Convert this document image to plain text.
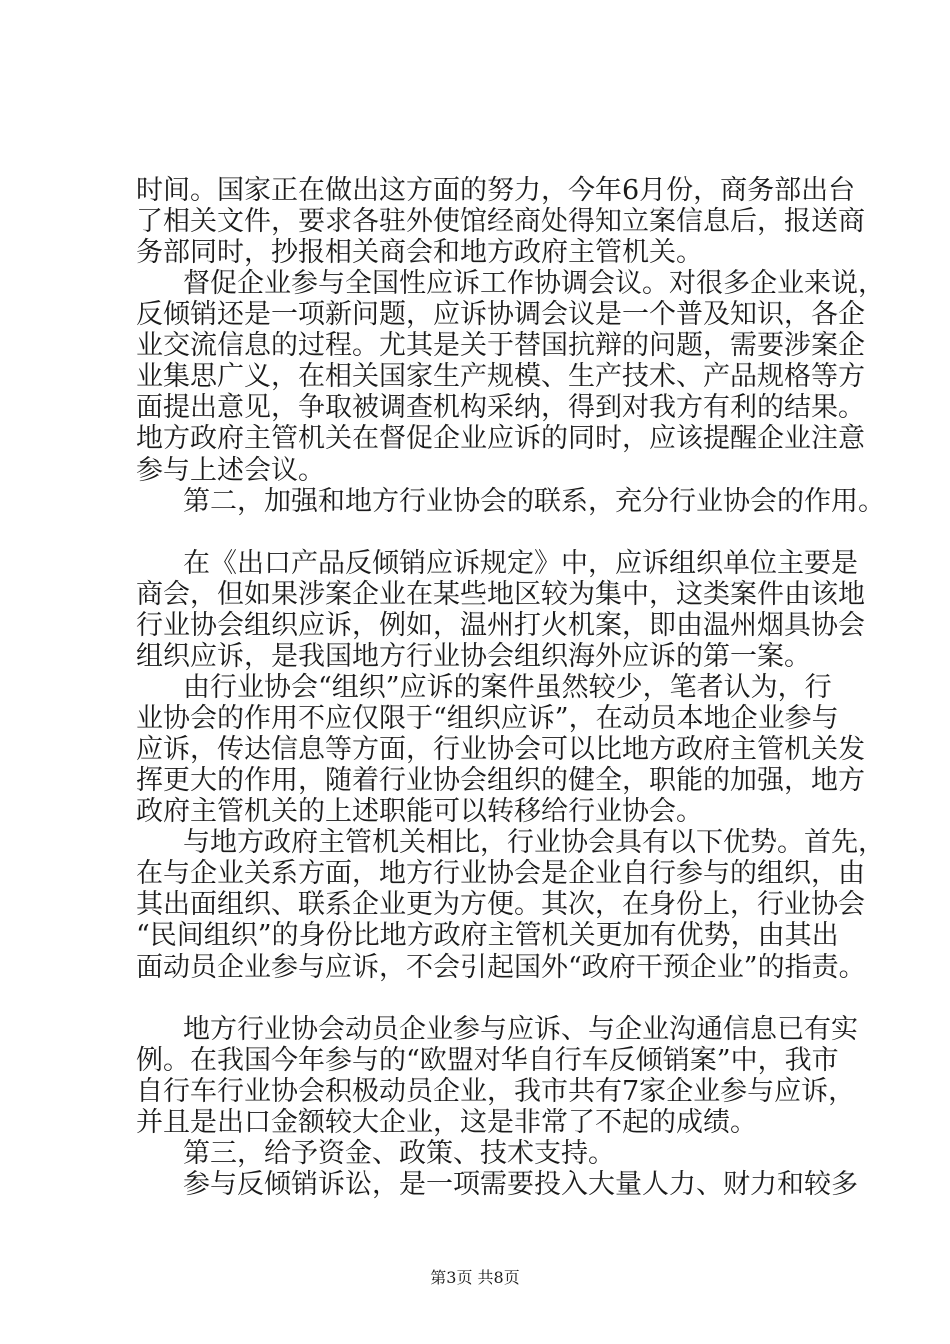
时间。国家正在做出这方面的努力，今年6月份，商务部出台
了相关文件，要求各驻外使馆经商处得知立案信息后，报送商
务部同时，抄报相关商会和地方政府主管机关。
督促企业参与全国性应诉工作协调会议。对很多企业来说，
反倾销还是一项新问题，应诉协调会议是一个普及知识，各企
业交流信息的过程。尤其是关于替国抗辩的问题，需要涉案企
业集思广义，在相关国家生产规模、生产技术、产品规格等方
面提出意见，争取被调查机构采纳，得到对我方有利的结果。
地方政府主管机关在督促企业应诉的同时，应该提醒企业注意
参与上述会议。
第二，加强和地方行业协会的联系，充分行业协会的作用。
在《出口产品反倾销应诉规定》中，应诉组织单位主要是
商会，但如果涉案企业在某些地区较为集中，这类案件由该地
行业协会组织应诉，例如，温州打火机案，即由温州烟具协会
组织应诉，是我国地方行业协会组织海外应诉的第一案。
由行业协会“组织”应诉的案件虽然较少，笔者认为，行
业协会的作用不应仅限于“组织应诉”，在动员本地企业参与
应诉，传达信息等方面，行业协会可以比地方政府主管机关发
挥更大的作用，随着行业协会组织的健全，职能的加强，地方
政府主管机关的上述职能可以转移给行业协会。
与地方政府主管机关相比，行业协会具有以下优势。首先，
在与企业关系方面，地方行业协会是企业自行参与的组织，由
其出面组织、联系企业更为方便。其次，在身份上，行业协会
“民间组织”的身份比地方政府主管机关更加有优势，由其出
面动员企业参与应诉，不会引起国外“政府干预企业”的指责。
地方行业协会动员企业参与应诉、与企业沟通信息已有实
例。在我国今年参与的“欧盟对华自行车反倾销案”中，我市
自行车行业协会积极动员企业，我市共有7家企业参与应诉，
并且是出口金额较大企业，这是非常了不起的成绩。
第三，给予资金、政策、技术支持。
参与反倾销诉讼，是一项需要投入大量人力、财力和较多
第3页 共8页
